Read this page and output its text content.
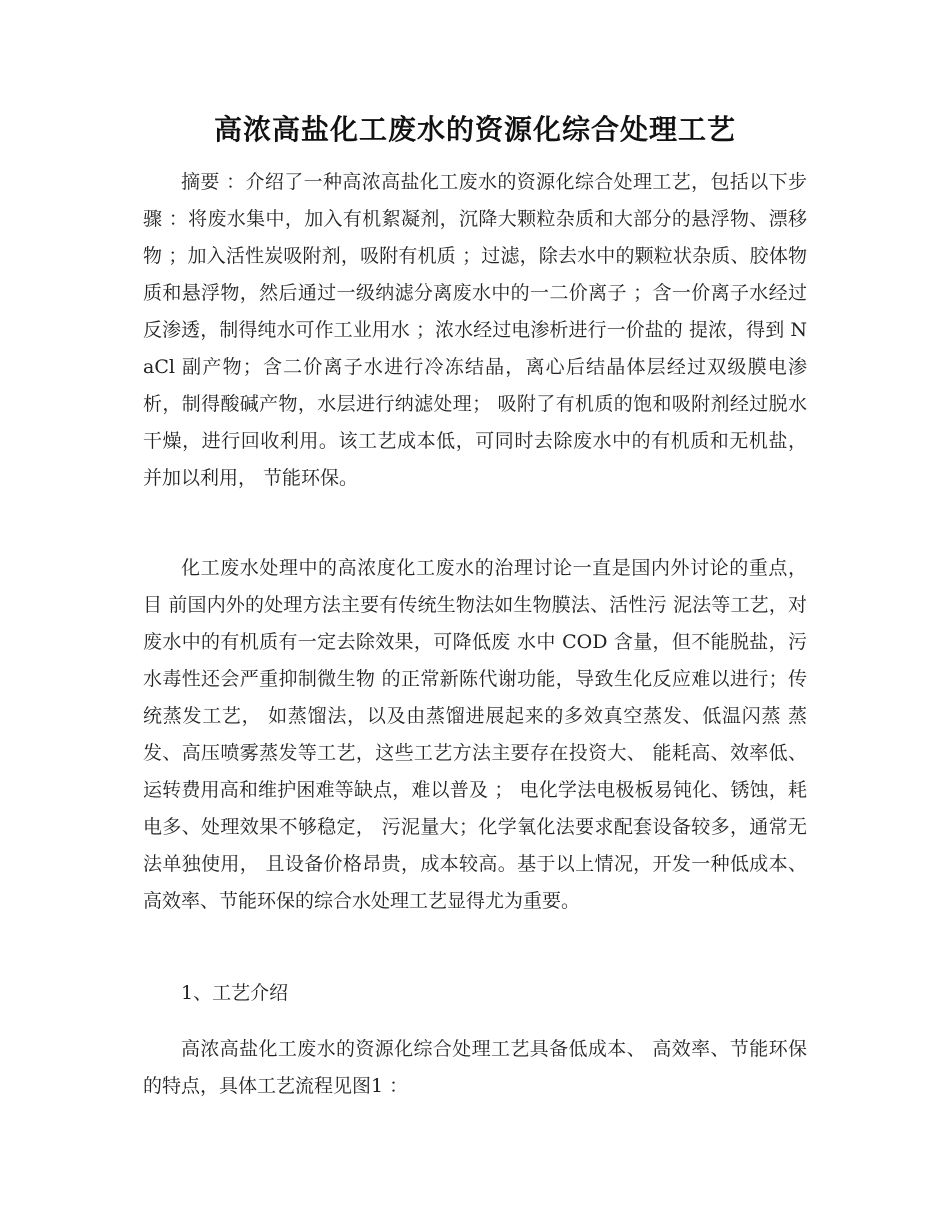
高浓高盐化工废水的资源化综合处理工艺

摘要 ：介绍了一种高浓高盐化工废水的资源化综合处理工艺，包括以下步骤 ：将废水集中，加入有机絮凝剂，沉降大颗粒杂质和大部分的悬浮物、漂移物 ；加入活性炭吸附剂，吸附有机质 ；过滤，除去水中的颗粒状杂质、胶体物质和悬浮物，然后通过一级纳滤分离废水中的一二价离子 ；含一价离子水经过反渗透，制得纯水可作工业用水 ；浓水经过电渗析进行一价盐的 提浓，得到 NaCl 副产物；含二价离子水进行冷冻结晶，离心后结晶体层经过双级膜电渗析，制得酸碱产物，水层进行纳滤处理； 吸附了有机质的饱和吸附剂经过脱水干燥，进行回收利用。该工艺成本低，可同时去除废水中的有机质和无机盐，并加以利用， 节能环保。

化工废水处理中的高浓度化工废水的治理讨论一直是国内外讨论的重点，目 前国内外的处理方法主要有传统生物法如生物膜法、活性污 泥法等工艺，对废水中的有机质有一定去除效果，可降低废 水中 COD 含量，但不能脱盐，污水毒性还会严重抑制微生物 的正常新陈代谢功能，导致生化反应难以进行；传统蒸发工艺， 如蒸馏法，以及由蒸馏进展起来的多效真空蒸发、低温闪蒸 蒸发、高压喷雾蒸发等工艺，这些工艺方法主要存在投资大、 能耗高、效率低、运转费用高和维护困难等缺点，难以普及 ； 电化学法电极板易钝化、锈蚀，耗电多、处理效果不够稳定， 污泥量大；化学氧化法要求配套设备较多，通常无法单独使用， 且设备价格昂贵，成本较高。基于以上情况，开发一种低成本、 高效率、节能环保的综合水处理工艺显得尤为重要。

1、工艺介绍

高浓高盐化工废水的资源化综合处理工艺具备低成本、 高效率、节能环保的特点，具体工艺流程见图1 ：
